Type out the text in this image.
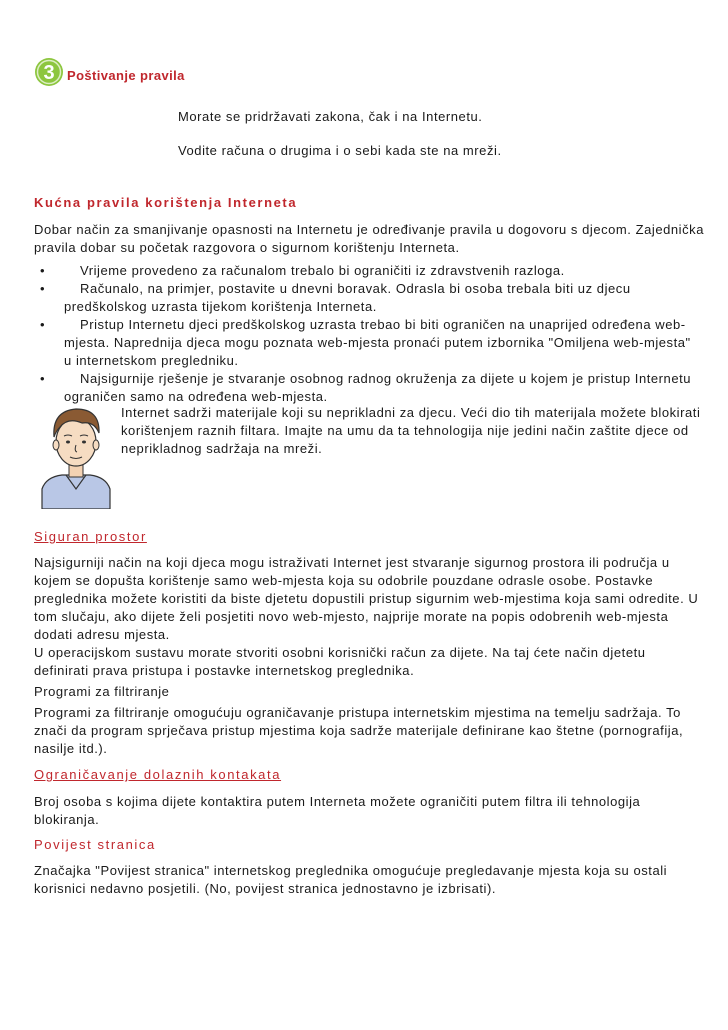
3 Poštivanje pravila
Morate se pridržavati zakona, čak i na Internetu.
Vodite računa o drugima i o sebi kada ste na mreži.
Kućna pravila korištenja Interneta
Dobar način za smanjivanje opasnosti na Internetu je određivanje pravila u dogovoru s djecom. Zajednička pravila dobar su početak razgovora o sigurnom korištenju Interneta.
•	Vrijeme provedeno za računalom trebalo bi ograničiti iz zdravstvenih razloga.
•	Računalo, na primjer, postavite u dnevni boravak. Odrasla bi osoba trebala biti uz djecu predškolskog uzrasta tijekom korištenja Interneta.
•	Pristup Internetu djeci predškolskog uzrasta trebao bi biti ograničen na unaprijed određena web-mjesta. Naprednija djeca mogu poznata web-mjesta pronaći putem izbornika "Omiljena web-mjesta" u internetskom pregledniku.
•	Najsigurnije rješenje je stvaranje osobnog radnog okruženja za dijete u kojem je pristup Internetu ograničen samo na određena web-mjesta.
Internet sadrži materijale koji su neprikladni za djecu. Veći dio tih materijala možete blokirati korištenjem raznih filtara. Imajte na umu da ta tehnologija nije jedini način zaštite djece od neprikladnog sadržaja na mreži.
Siguran prostor
Najsigurniji način na koji djeca mogu istraživati Internet jest stvaranje sigurnog prostora ili područja u kojem se dopušta korištenje samo web-mjesta koja su odobrile pouzdane odrasle osobe. Postavke preglednika možete koristiti da biste djetetu dopustili pristup sigurnim web-mjestima koja sami odredite. U tom slučaju, ako dijete želi posjetiti novo web-mjesto, najprije morate na popis odobrenih web-mjesta dodati adresu mjesta.
U operacijskom sustavu morate stvoriti osobni korisnički račun za dijete. Na taj ćete način djetetu definirati prava pristupa i postavke internetskog preglednika.
Programi za filtriranje
Programi za filtriranje omogućuju ograničavanje pristupa internetskim mjestima na temelju sadržaja. To znači da program sprječava pristup mjestima koja sadrže materijale definirane kao štetne (pornografija, nasilje itd.).
Ograničavanje dolaznih kontakata
Broj osoba s kojima dijete kontaktira putem Interneta možete ograničiti putem filtra ili tehnologija blokiranja.
Povijest stranica
Značajka "Povijest stranica" internetskog preglednika omogućuje pregledavanje mjesta koja su ostali korisnici nedavno posjetili. (No, povijest stranica jednostavno je izbrisati).
